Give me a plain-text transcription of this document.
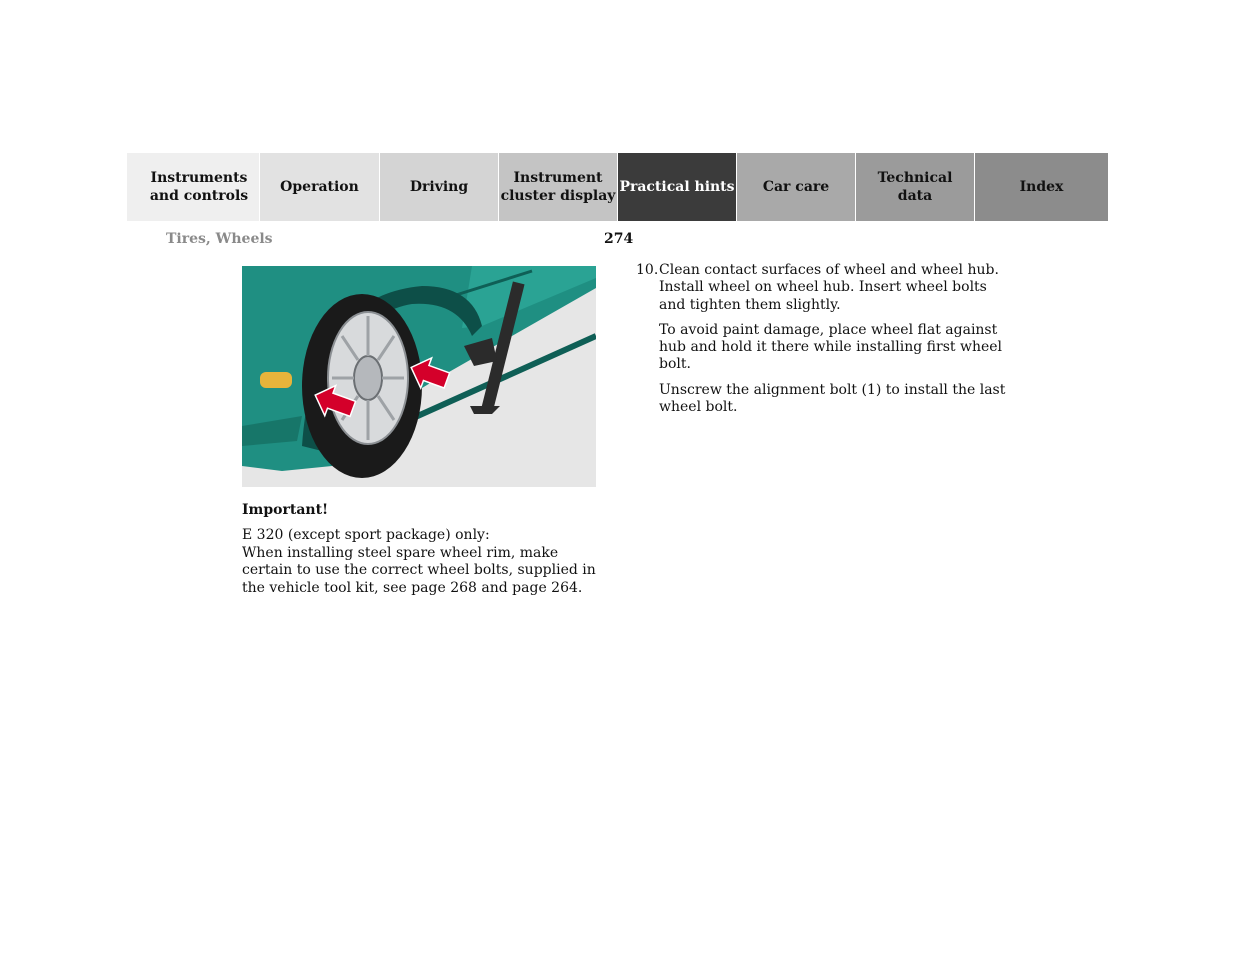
Instruments
and controls
Operation	Driving
Instrument
cluster display
Practical hints Car care
Technical
data
Index
Tires, Wheels	274
Important!

E 320 (except sport package) only:

When installing steel spare wheel rim, make certain to use the correct wheel bolts, supplied in the vehicle tool kit, see page 268 and page 264.

10. Clean contact surfaces of wheel and wheel hub. Install wheel on wheel hub. Insert wheel bolts and tighten them slightly.

To avoid paint damage, place wheel flat against hub and hold it there while installing first wheel bolt.

Unscrew the alignment bolt (1) to install the last wheel bolt.
